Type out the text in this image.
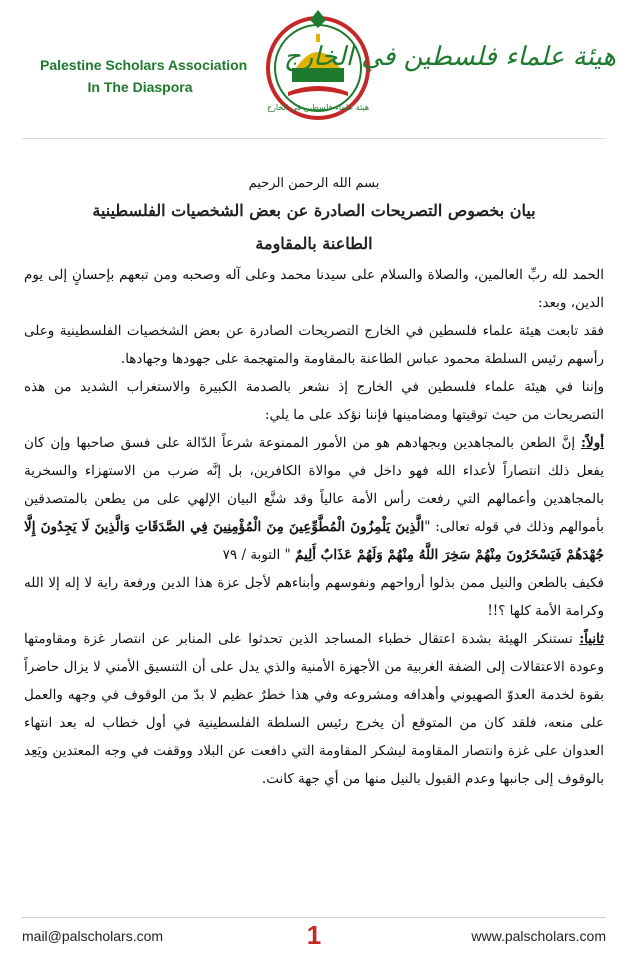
Palestine Scholars Association
In The Diaspora
هيئة علماء فلسطين في الخارج
هيئة علماء فلسطين في الخارج
بسم الله الرحمن الرحيم
بيان بخصوص التصريحات الصادرة عن بعض الشخصيات الفلسطينية
الطاعنة بالمقاومة

الحمد لله ربِّ العالمين، والصلاة والسلام على سيدنا محمد وعلى آله وصحبه ومن تبعهم بإحسانٍ إلى يوم الدين، وبعد:

فقد تابعت هيئة علماء فلسطين في الخارج التصريحات الصادرة عن بعض الشخصيات الفلسطينية وعلى رأسهم رئيس السلطة محمود عباس الطاعنة بالمقاومة والمتهجمة على جهودها وجهادها.

وإننا في هيئة علماء فلسطين في الخارج إذ نشعر بالصدمة الكبيرة والاستغراب الشديد من هذه التصريحات من حيث توقيتها ومضامينها فإننا نؤكد على ما يلي:

أولاً: إنَّ الطعن بالمجاهدين وبجهادهم هو من الأمور الممنوعة شرعاً الدّالة على فسق صاحبها وإن كان يفعل ذلك انتصاراً لأعداء الله فهو داخل في موالاة الكافرين، بل إنَّه ضرب من الاستهزاء والسخرية بالمجاهدين وأعمالهم التي رفعت رأس الأمة عالياً وقد شنَّع البيان الإلهي على من يطعن بالمتصدقين بأموالهم وذلك في قوله تعالى: "الَّذِينَ يَلْمِزُونَ الْمُطَّوِّعِينَ مِنَ الْمُؤْمِنِينَ فِي الصَّدَقَاتِ وَالَّذِينَ لَا يَجِدُونَ إِلَّا جُهْدَهُمْ فَيَسْخَرُونَ مِنْهُمْ سَخِرَ اللَّهُ مِنْهُمْ وَلَهُمْ عَذَابٌ أَلِيمٌ " التوبة / ٧٩

فكيف بالطعن والنيل ممن بذلوا أرواحهم ونفوسهم وأبناءهم لأجل عزة هذا الدين ورفعة راية لا إله إلا الله وكرامة الأمة كلها ؟!!

ثانياً: تستنكر الهيئة بشدة اعتقال خطباء المساجد الذين تحدثوا على المنابر عن انتصار غزة ومقاومتها وعودة الاعتقالات إلى الضفة الغربية من الأجهزة الأمنية والذي يدل على أن التنسيق الأمني لا يزال حاضراً بقوة لخدمة العدوّ الصهيوني وأهدافه ومشروعه وفي هذا خطرٌ عظيم لا بدّ من الوقوف في وجهه والعمل على منعه، فلقد كان من المتوقع أن يخرج رئيس السلطة الفلسطينية في أول خطاب له بعد انتهاء العدوان على غزة وانتصار المقاومة ليشكر المقاومة التي دافعت عن البلاد ووقفت في وجه المعتدين ويَعِد بالوقوف إلى جانبها وعدم القبول بالنيل منها من أي جهة كانت.

mail@palscholars.com	1	www.palscholars.com
